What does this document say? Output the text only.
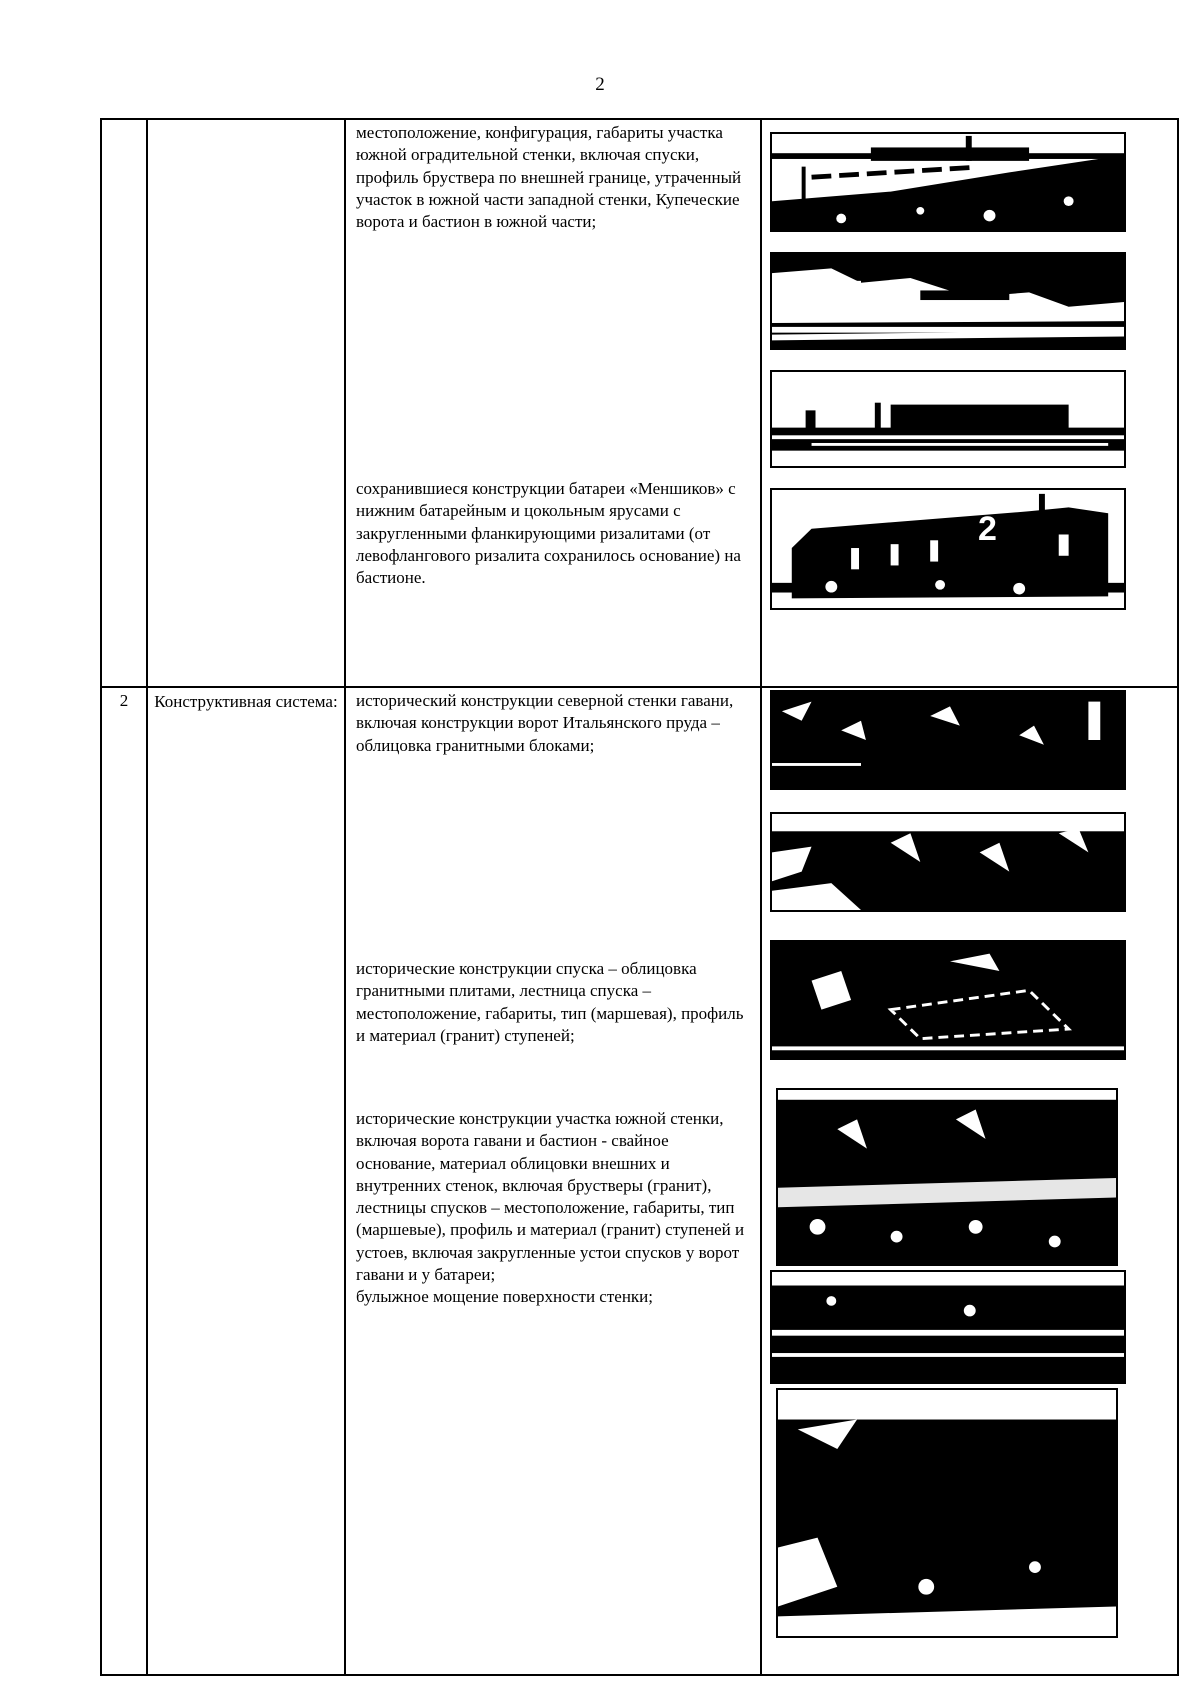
2

		местоположение, конфигурация, габариты участка южной оградительной стенки, включая спуски, профиль бруствера по внешней границе, утраченный участок в южной части западной стенки, Купеческие ворота и бастион в южной части;

сохранившиеся конструкции батареи «Меншиков» с нижним батарейным и цокольным ярусами с закругленными фланкирующими ризалитами (от левофлангового ризалита сохранилось основание) на бастионе.	2

2	Конструктивная система:	исторический конструкции северной стенки гавани, включая конструкции ворот Итальянского пруда – облицовка гранитными блоками;

исторические конструкции спуска – облицовка гранитными плитами, лестница спуска – местоположение, габариты, тип (маршевая), профиль и материал (гранит) ступеней;

исторические конструкции участка южной стенки, включая ворота гавани и бастион - свайное основание, материал облицовки внешних и внутренних стенок, включая брустверы (гранит), лестницы спусков – местоположение, габариты, тип (маршевые), профиль и материал (гранит) ступеней и устоев, включая закругленные устои спусков у ворот гавани и у батареи;
булыжное мощение поверхности стенки;
